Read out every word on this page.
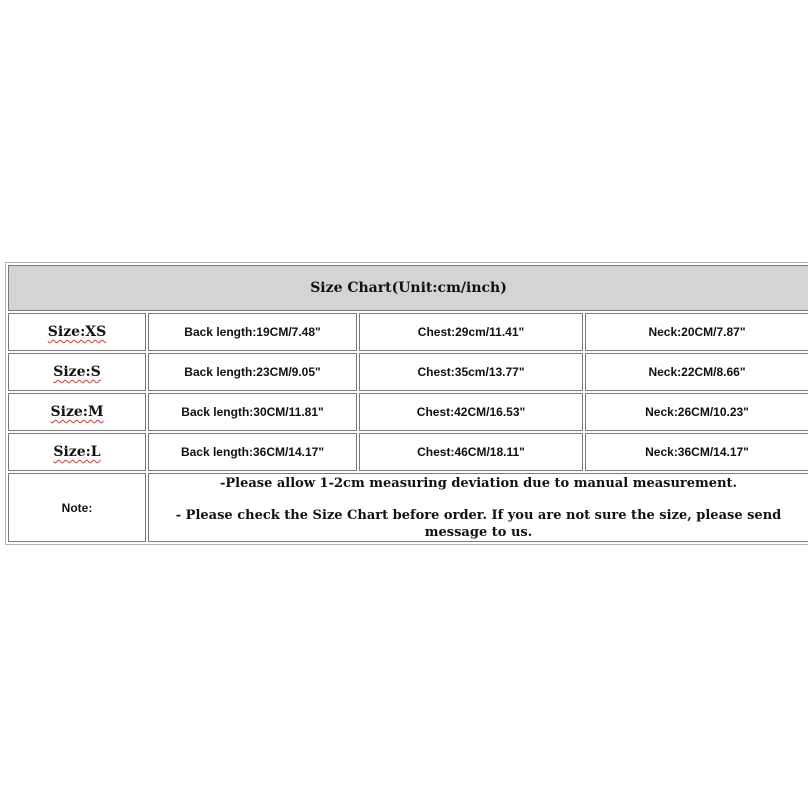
Size Chart(Unit:cm/inch)			
Size:XS	Back length:19CM/7.48"	Chest:29cm/11.41"	Neck:20CM/7.87"
Size:S	Back length:23CM/9.05"	Chest:35cm/13.77"	Neck:22CM/8.66"
Size:M	Back length:30CM/11.81"	Chest:42CM/16.53"	Neck:26CM/10.23"
Size:L	Back length:36CM/14.17"	Chest:46CM/18.11"	Neck:36CM/14.17"
Note:	-Please allow 1-2cm measuring deviation due to manual measurement.
- Please check the Size Chart before order. If you are not sure the size, please send message to us.		
